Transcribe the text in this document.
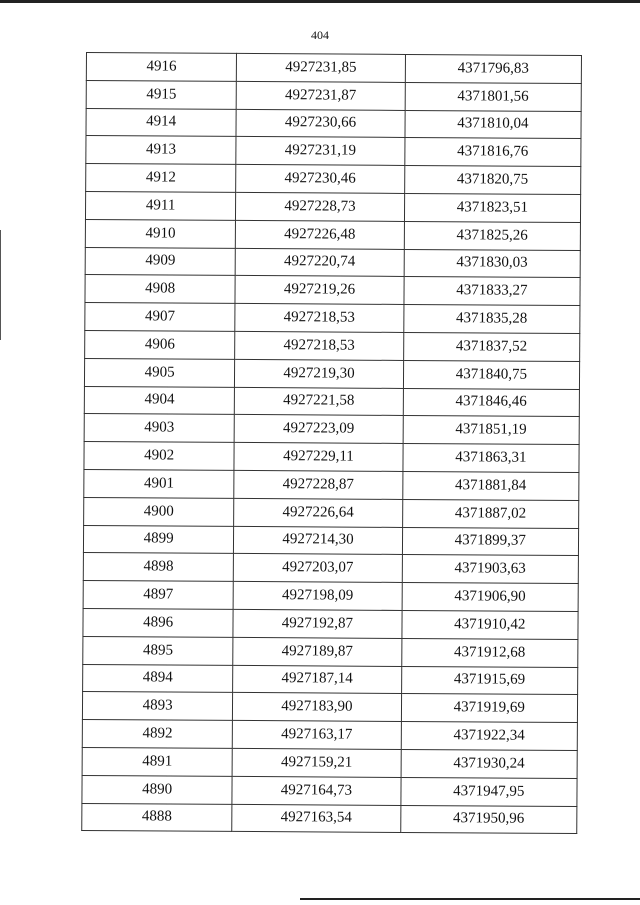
404
4916	4927231,85	4371796,83
4915	4927231,87	4371801,56
4914	4927230,66	4371810,04
4913	4927231,19	4371816,76
4912	4927230,46	4371820,75
4911	4927228,73	4371823,51
4910	4927226,48	4371825,26
4909	4927220,74	4371830,03
4908	4927219,26	4371833,27
4907	4927218,53	4371835,28
4906	4927218,53	4371837,52
4905	4927219,30	4371840,75
4904	4927221,58	4371846,46
4903	4927223,09	4371851,19
4902	4927229,11	4371863,31
4901	4927228,87	4371881,84
4900	4927226,64	4371887,02
4899	4927214,30	4371899,37
4898	4927203,07	4371903,63
4897	4927198,09	4371906,90
4896	4927192,87	4371910,42
4895	4927189,87	4371912,68
4894	4927187,14	4371915,69
4893	4927183,90	4371919,69
4892	4927163,17	4371922,34
4891	4927159,21	4371930,24
4890	4927164,73	4371947,95
4888	4927163,54	4371950,96
